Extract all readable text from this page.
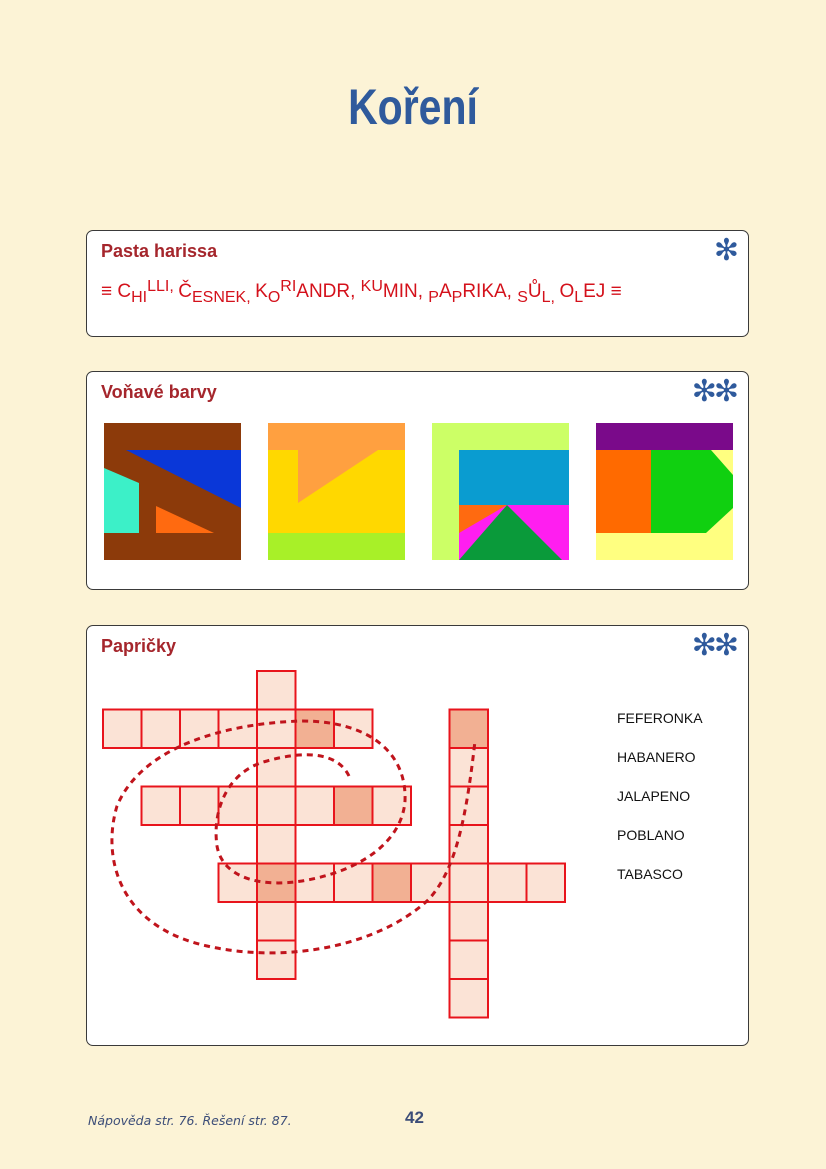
Koření
Pasta harissa	✻
≡ $C_{HI}^{LLI,}$ $Č_{ESNEK,}$ $K_O^{RI}ANDR$, $^{KU}$MIN, $_PA_PRIKA$, $_SŮ_{L,}$ $O_LEJ$ ≡
Voňavé barvy	✻✻
Papričky	✻✻
FEFERONKA
HABANERO
JALAPENO
POBLANO
TABASCO
Nápověda str. 76. Řešení str. 87.	42
